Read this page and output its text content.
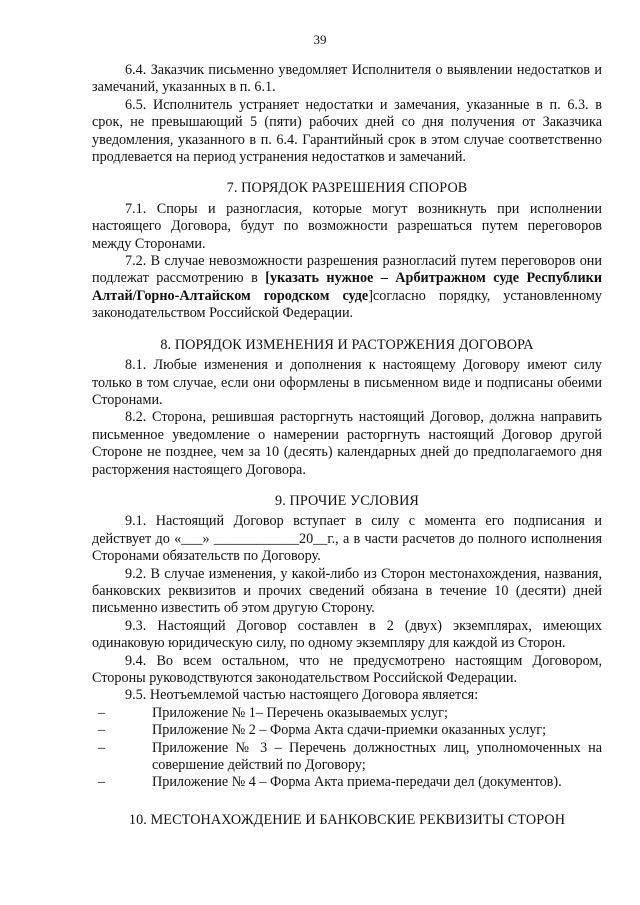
39

6.4. Заказчик письменно уведомляет Исполнителя о выявлении недостатков и замечаний, указанных в п. 6.1.

6.5. Исполнитель устраняет недостатки и замечания, указанные в п. 6.3. в срок, не превышающий 5 (пяти) рабочих дней со дня получения от Заказчика уведомления, указанного в п. 6.4. Гарантийный срок в этом случае соответственно продлевается на период устранения недостатков и замечаний.

7. ПОРЯДОК РАЗРЕШЕНИЯ СПОРОВ

7.1. Споры и разногласия, которые могут возникнуть при исполнении настоящего Договора, будут по возможности разрешаться путем переговоров между Сторонами.

7.2. В случае невозможности разрешения разногласий путем переговоров они подлежат рассмотрению в [указать нужное – Арбитражном суде Республики Алтай/Горно-Алтайском городском суде]согласно порядку, установленному законодательством Российской Федерации.

8. ПОРЯДОК ИЗМЕНЕНИЯ И РАСТОРЖЕНИЯ ДОГОВОРА

8.1. Любые изменения и дополнения к настоящему Договору имеют силу только в том случае, если они оформлены в письменном виде и подписаны обеими Сторонами.

8.2. Сторона, решившая расторгнуть настоящий Договор, должна направить письменное уведомление о намерении расторгнуть настоящий Договор другой Стороне не позднее, чем за 10 (десять) календарных дней до предполагаемого дня расторжения настоящего Договора.

9. ПРОЧИЕ УСЛОВИЯ

9.1. Настоящий Договор вступает в силу с момента его подписания и действует до «___» ____________20__г., а в части расчетов до полного исполнения Сторонами обязательств по Договору.

9.2. В случае изменения, у какой-либо из Сторон местонахождения, названия, банковских реквизитов и прочих сведений обязана в течение 10 (десяти) дней письменно известить об этом другую Сторону.

9.3. Настоящий Договор составлен в 2 (двух) экземплярах, имеющих одинаковую юридическую силу, по одному экземпляру для каждой из Сторон.

9.4. Во всем остальном, что не предусмотрено настоящим Договором, Стороны руководствуются законодательством Российской Федерации.

9.5. Неотъемлемой частью настоящего Договора является:

–	Приложение № 1– Перечень оказываемых услуг;
–	Приложение № 2 – Форма Акта сдачи-приемки оказанных услуг;
–	Приложение № 3 – Перечень должностных лиц, уполномоченных на совершение действий по Договору;
–	Приложение № 4 – Форма Акта приема-передачи дел (документов).
10. МЕСТОНАХОЖДЕНИЕ И БАНКОВСКИЕ РЕКВИЗИТЫ СТОРОН
